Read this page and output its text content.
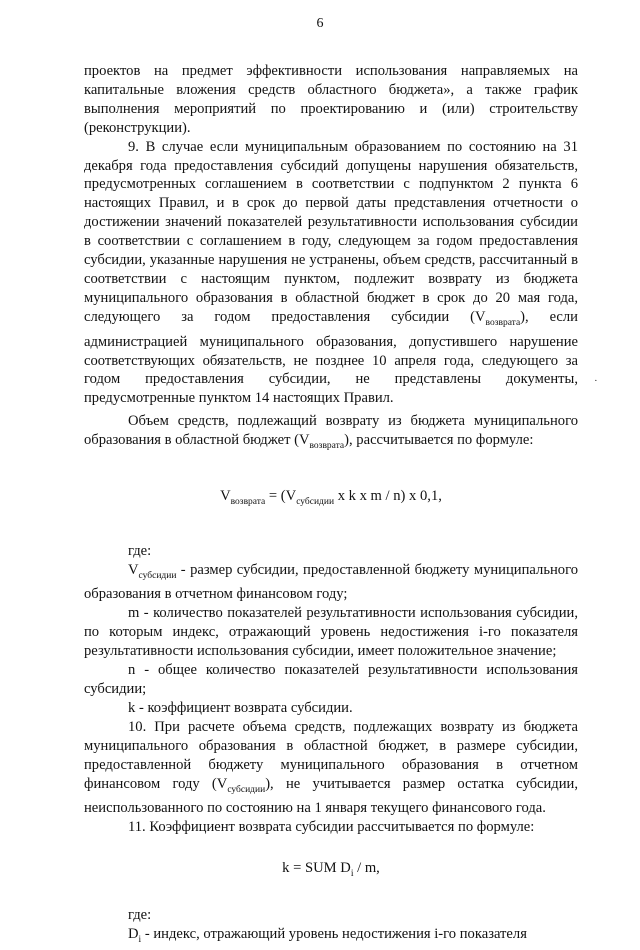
6

проектов на предмет эффективности использования направляемых на капитальные вложения средств областного бюджета», а также график выполнения мероприятий по проектированию и (или) строительству (реконструкции).

9. В случае если муниципальным образованием по состоянию на 31 декабря года предоставления субсидий допущены нарушения обязательств, предусмотренных соглашением в соответствии с подпунктом 2 пункта 6 настоящих Правил, и в срок до первой даты представления отчетности о достижении значений показателей результативности использования субсидии в соответствии с соглашением в году, следующем за годом предоставления субсидии, указанные нарушения не устранены, объем средств, рассчитанный в соответствии с настоящим пунктом, подлежит возврату из бюджета муниципального образования в областной бюджет в срок до 20 мая года, следующего за годом предоставления субсидии $(V_{возврата})$, если администрацией муниципального образования, допустившего нарушение соответствующих обязательств, не позднее 10 апреля года, следующего за годом предоставления субсидии, не представлены документы, предусмотренные пунктом 14 настоящих Правил.

Объем средств, подлежащий возврату из бюджета муниципального образования в областной бюджет $(V_{возврата})$, рассчитывается по формуле:

$V_{возврата} = (V_{субсидии}$ x k x m / n) x 0,1,

где:

$V_{субсидии}$ - размер субсидии, предоставленной бюджету муниципального образования в отчетном финансовом году;

m - количество показателей результативности использования субсидии, по которым индекс, отражающий уровень недостижения i-го показателя результативности использования субсидии, имеет положительное значение;

n - общее количество показателей результативности использования субсидии;

k - коэффициент возврата субсидии.

10. При расчете объема средств, подлежащих возврату из бюджета муниципального образования в областной бюджет, в размере субсидии, предоставленной бюджету муниципального образования в отчетном финансовом году $(V_{субсидии})$, не учитывается размер остатка субсидии, неиспользованного по состоянию на 1 января текущего финансового года.

11. Коэффициент возврата субсидии рассчитывается по формуле:

k = SUM $D_i$ / m,

где:

$D_i$ - индекс, отражающий уровень недостижения i-го показателя

·
